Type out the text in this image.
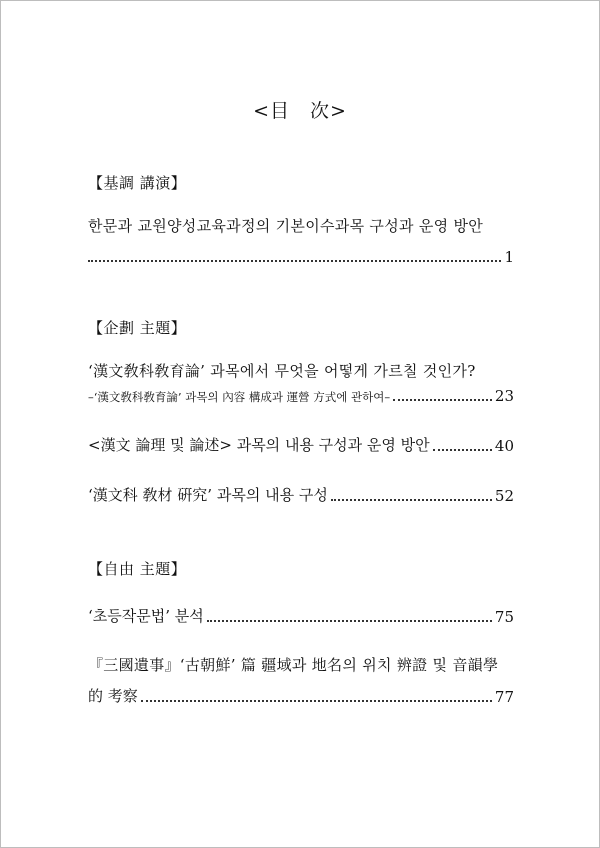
<目　次>
【基調 講演】
한문과 교원양성교육과정의 기본이수과목 구성과 운영 방안
1
【企劃 主題】
‘漢文敎科敎育論’ 과목에서 무엇을 어떻게 가르칠 것인가?
–‘漢文敎科敎育論’ 과목의 內容 構成과 運營 方式에 관하여–	23
<漢文 論理 및 論述> 과목의 내용 구성과 운영 방안	40
‘漢文科 敎材 硏究’ 과목의 내용 구성	52
【自由 主題】
‘초등작문법’ 분석	75
『三國遺事』‘古朝鮮’ 篇 疆域과 地名의 위치 辨證 및 音韻學
的 考察	77
